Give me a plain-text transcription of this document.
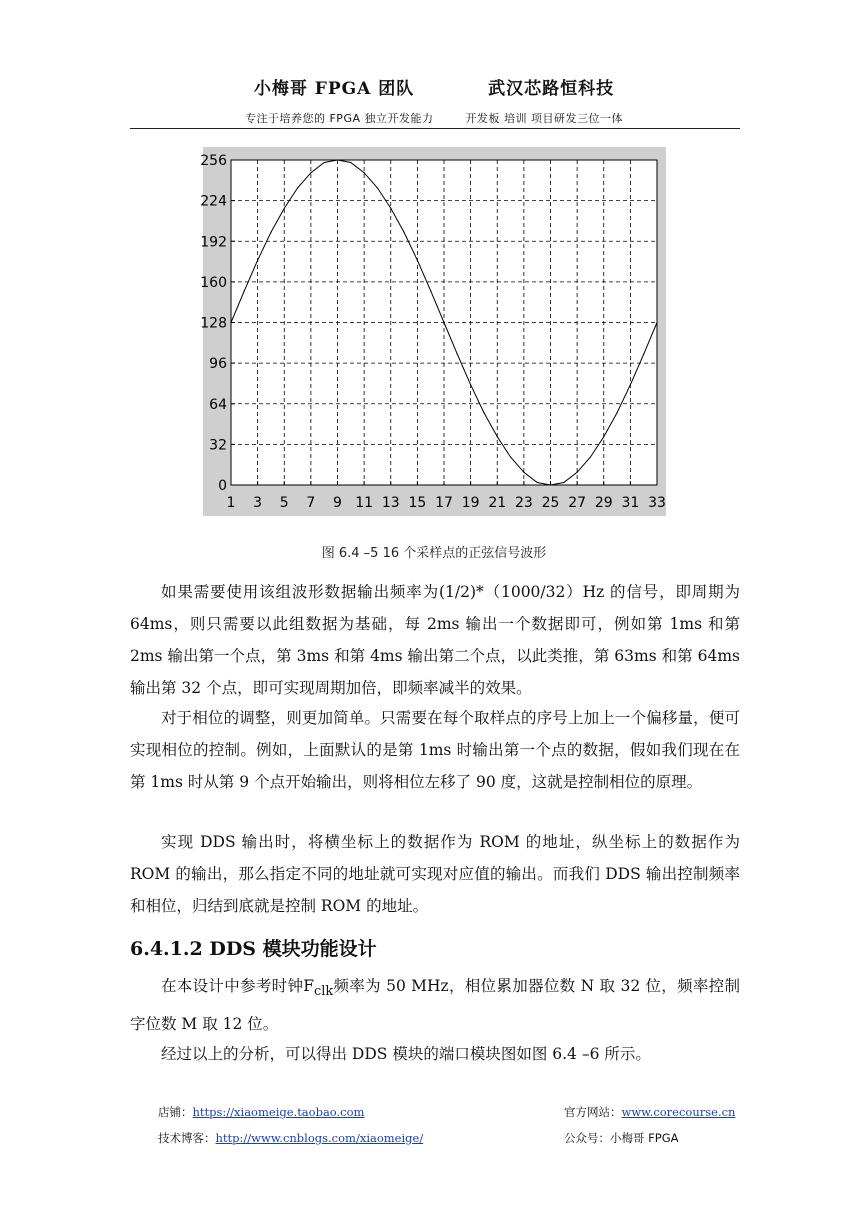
小梅哥 FPGA 团队	武汉芯路恒科技
专注于培养您的 FPGA 独立开发能力	开发板 培训 项目研发三位一体
1 3 5 7 9 11 13 15 17 19 21 23 25 27 29 31 33
0
32
64
96
128
160
192
224
256
图 6.4 –5 16 个采样点的正弦信号波形

如果需要使用该组波形数据输出频率为(1/2)*（1000/32）Hz 的信号，即周期为 64ms，则只需要以此组数据为基础，每 2ms 输出一个数据即可，例如第 1ms 和第 2ms 输出第一个点，第 3ms 和第 4ms 输出第二个点，以此类推，第 63ms 和第 64ms 输出第 32 个点，即可实现周期加倍，即频率减半的效果。

对于相位的调整，则更加简单。只需要在每个取样点的序号上加上一个偏移量，便可实现相位的控制。例如，上面默认的是第 1ms 时输出第一个点的数据，假如我们现在在第 1ms 时从第 9 个点开始输出，则将相位左移了 90 度，这就是控制相位的原理。

实现 DDS 输出时，将横坐标上的数据作为 ROM 的地址，纵坐标上的数据作为 ROM 的输出，那么指定不同的地址就可实现对应值的输出。而我们 DDS 输出控制频率和相位，归结到底就是控制 ROM 的地址。

6.4.1.2 DDS 模块功能设计

在本设计中参考时钟$F_{clk}$频率为 50 MHz，相位累加器位数 N 取 32 位，频率控制字位数 M 取 12 位。

经过以上的分析，可以得出 DDS 模块的端口模块图如图 6.4 –6 所示。

店铺：https://xiaomeige.taobao.com	官方网站：www.corecourse.cn
技术博客：http://www.cnblogs.com/xiaomeige/	公众号：小梅哥 FPGA
